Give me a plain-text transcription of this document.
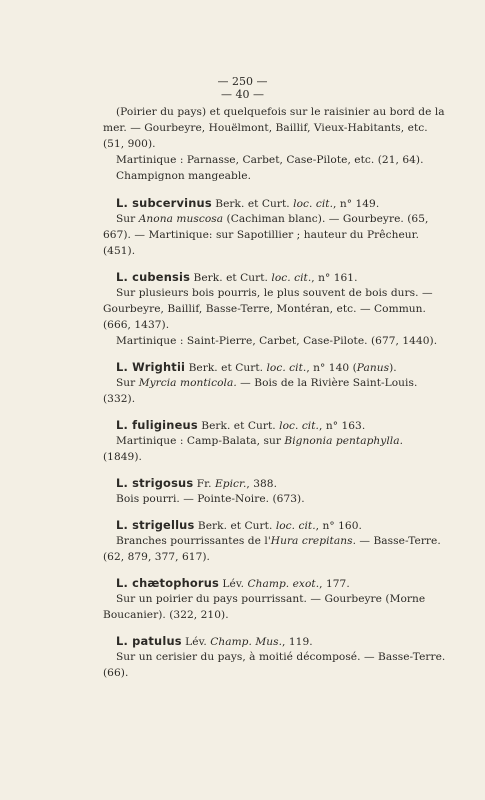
— 250 —
— 40 —
(Poirier du pays) et quelquefois sur le raisinier au bord de la
mer. — Gourbeyre, Houëlmont, Baillif, Vieux-Habitants, etc.
(51, 900).
Martinique : Parnasse, Carbet, Case-Pilote, etc. (21, 64).
Champignon mangeable.
L. subcervinus Berk. et Curt. loc. cit., n° 149.
Sur Anona muscosa (Cachiman blanc). — Gourbeyre. (65,
667). — Martinique: sur Sapotillier ; hauteur du Prêcheur.
(451).
L. cubensis Berk. et Curt. loc. cit., n° 161.
Sur plusieurs bois pourris, le plus souvent de bois durs. —
Gourbeyre, Baillif, Basse-Terre, Montéran, etc. — Commun.
(666, 1437).
Martinique : Saint-Pierre, Carbet, Case-Pilote. (677, 1440).
L. Wrightii Berk. et Curt. loc. cit., n° 140 (Panus).
Sur Myrcia monticola. — Bois de la Rivière Saint-Louis.
(332).
L. fuligineus Berk. et Curt. loc. cit., n° 163.
Martinique : Camp-Balata, sur Bignonia pentaphylla.
(1849).
L. strigosus Fr. Epicr., 388.
Bois pourri. — Pointe-Noire. (673).
L. strigellus Berk. et Curt. loc. cit., n° 160.
Branches pourrissantes de l'Hura crepitans. — Basse-Terre.
(62, 879, 377, 617).
L. chætophorus Lév. Champ. exot., 177.
Sur un poirier du pays pourrissant. — Gourbeyre (Morne
Boucanier). (322, 210).
L. patulus Lév. Champ. Mus., 119.
Sur un cerisier du pays, à moitié décomposé. — Basse-Terre.
(66).
